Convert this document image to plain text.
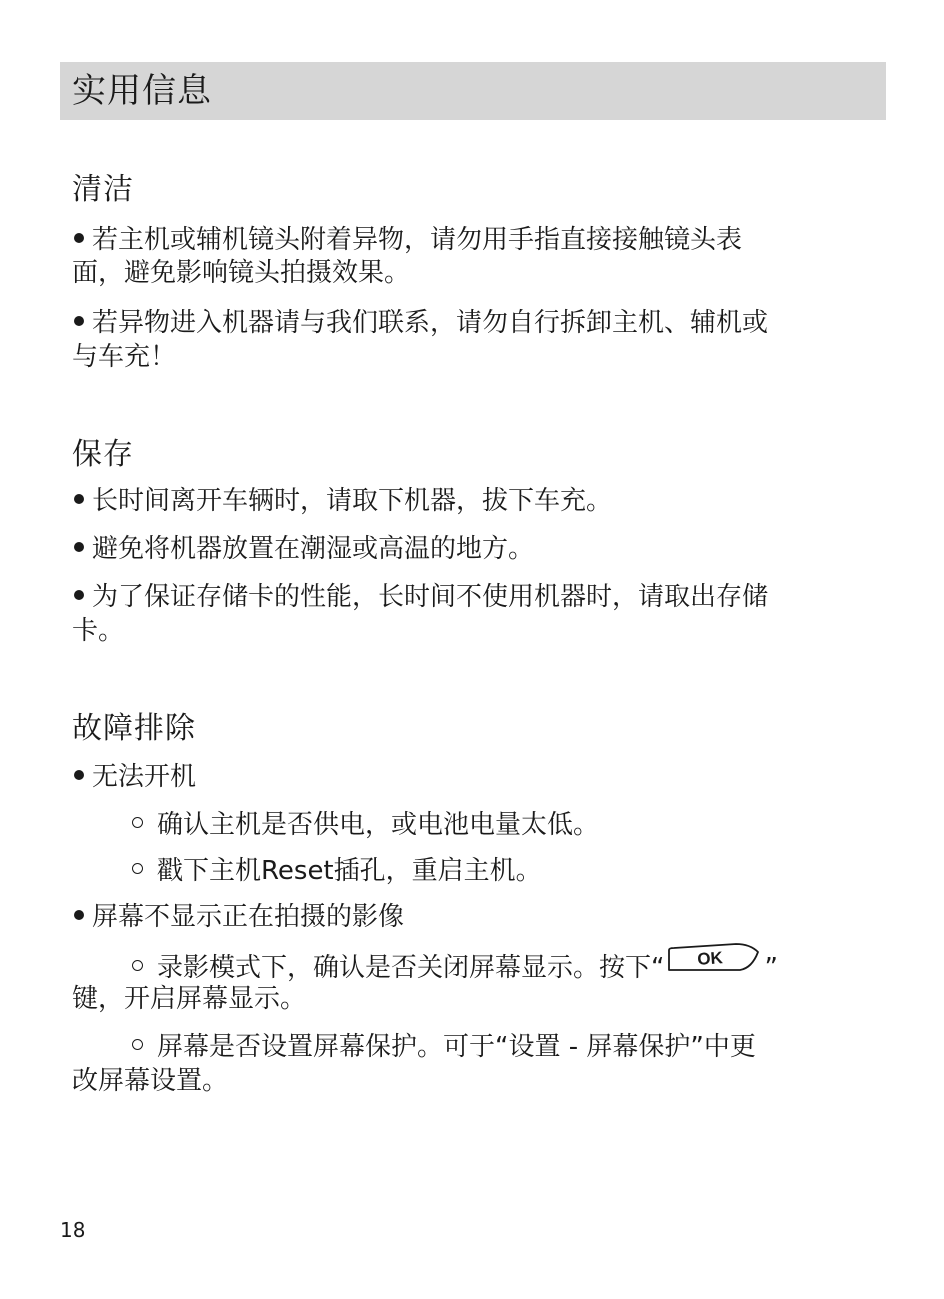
实用信息
清洁
若主机或辅机镜头附着异物，请勿用手指直接接触镜头表
面，避免影响镜头拍摄效果。
若异物进入机器请与我们联系，请勿自行拆卸主机、辅机或
与车充！
保存
长时间离开车辆时，请取下机器，拔下车充。
避免将机器放置在潮湿或高温的地方。
为了保证存储卡的性能，长时间不使用机器时，请取出存储
卡。
故障排除
无法开机
确认主机是否供电，或电池电量太低。
戳下主机Reset插孔，重启主机。
屏幕不显示正在拍摄的影像
录影模式下，确认是否关闭屏幕显示。按下“ OK ”
键，开启屏幕显示。
屏幕是否设置屏幕保护。可于“设置 - 屏幕保护”中更
改屏幕设置。
18
